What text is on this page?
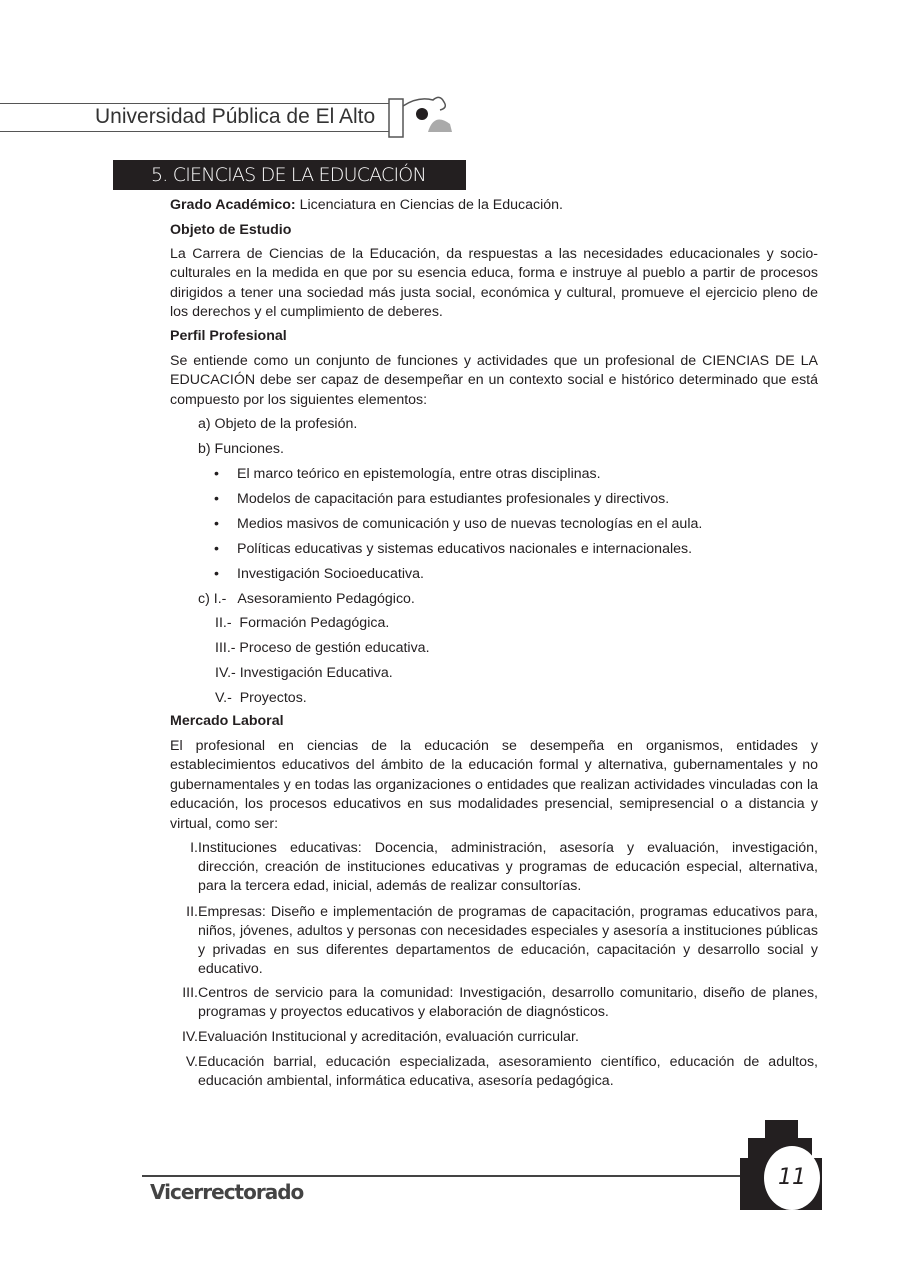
Universidad Pública de El Alto
5. CIENCIAS DE LA EDUCACIÓN
Grado Académico: Licenciatura en Ciencias de la Educación.
Objeto de Estudio
La Carrera de Ciencias de la Educación, da respuestas a las necesidades educacionales y socio-culturales en la medida en que por su esencia educa, forma e instruye al pueblo a partir de procesos dirigidos a tener una sociedad más justa social, económica y cultural, promueve el ejercicio pleno de los derechos y el cumplimiento de deberes.
Perfil Profesional
Se entiende como un conjunto de funciones y actividades que un profesional de CIENCIAS DE LA EDUCACIÓN debe ser capaz de desempeñar en un contexto social e histórico determinado que está compuesto por los siguientes elementos:
a) Objeto de la profesión.
b) Funciones.
• El marco teórico en epistemología, entre otras disciplinas.
• Modelos de capacitación para estudiantes profesionales y directivos.
• Medios masivos de comunicación y uso de nuevas tecnologías en el aula.
• Políticas educativas y sistemas educativos nacionales e internacionales.
• Investigación Socioeducativa.
c) I.-   Asesoramiento Pedagógico.
II.-  Formación Pedagógica.
III.- Proceso de gestión educativa.
IV.- Investigación Educativa.
V.-  Proyectos.
Mercado Laboral
El profesional en ciencias de la educación se desempeña en organismos, entidades y establecimientos educativos del ámbito de la educación formal y alternativa, gubernamentales y no gubernamentales y en todas las organizaciones o entidades que realizan actividades vinculadas con la educación, los procesos educativos en sus modalidades presencial, semipresencial o a distancia y virtual, como ser:
I. Instituciones educativas: Docencia, administración, asesoría y evaluación, investigación, dirección, creación de instituciones educativas y programas de educación especial, alternativa, para la tercera edad, inicial, además de realizar consultorías.
II. Empresas: Diseño e implementación de programas de capacitación, programas educativos para, niños, jóvenes, adultos y personas con necesidades especiales y asesoría a instituciones públicas y privadas en sus diferentes departamentos de educación, capacitación y desarrollo social y educativo.
III. Centros de servicio para la comunidad: Investigación, desarrollo comunitario, diseño de planes, programas y proyectos educativos y elaboración de diagnósticos.
IV. Evaluación Institucional y acreditación, evaluación curricular.
V. Educación barrial, educación especializada, asesoramiento científico, educación de adultos, educación ambiental, informática educativa, asesoría pedagógica.
Vicerrectorado
11
